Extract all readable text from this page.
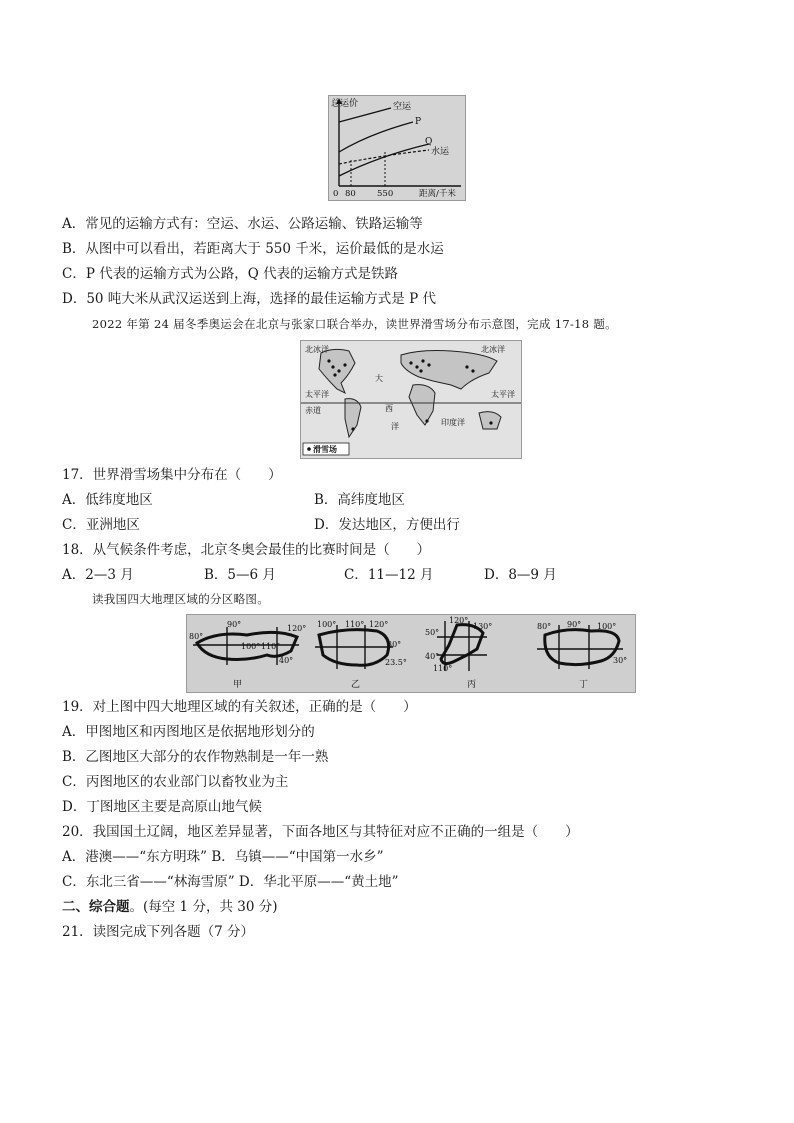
总运价	空运
P
Q
水运
0 80 550	距离/千米
A．常见的运输方式有：空运、水运、公路运输、铁路运输等
B．从图中可以看出，若距离大于 550 千米，运价最低的是水运
C．P 代表的运输方式为公路，Q 代表的运输方式是铁路
D．50 吨大米从武汉运送到上海，选择的最佳运输方式是 P 代
2022 年第 24 届冬季奥运会在北京与张家口联合举办，读世界滑雪场分布示意图，完成 17-18 题。
北冰洋	北冰洋
大
西
洋
太平洋	太平洋
赤道
印度洋
滑雪场
17．世界滑雪场集中分布在（　　）
A．低纬度地区	B．高纬度地区
C．亚洲地区	D．发达地区，方便出行
18．从气候条件考虑，北京冬奥会最佳的比赛时间是（　　）
A．2—3 月	B．5—6 月	C．11—12 月	D．8—9 月
读我国四大地理区域的分区略图。
80°
90°	120°
100° 110°
40°
甲
100° 110° 120°
30°
23.5°
乙
120°
50°
130°
40°
110°
丙
80° 90° 100°
30°
丁
19．对上图中四大地理区域的有关叙述，正确的是（　　）
A．甲图地区和丙图地区是依据地形划分的
B．乙图地区大部分的农作物熟制是一年一熟
C．丙图地区的农业部门以畜牧业为主
D．丁图地区主要是高原山地气候
20．我国国土辽阔，地区差异显著，下面各地区与其特征对应不正确的一组是（　　）
A．港澳——“东方明珠” B．乌镇——“中国第一水乡”
C．东北三省——“林海雪原” D．华北平原——“黄土地”
二、综合题。(每空 1 分，共 30 分)
21．读图完成下列各题（7 分）
